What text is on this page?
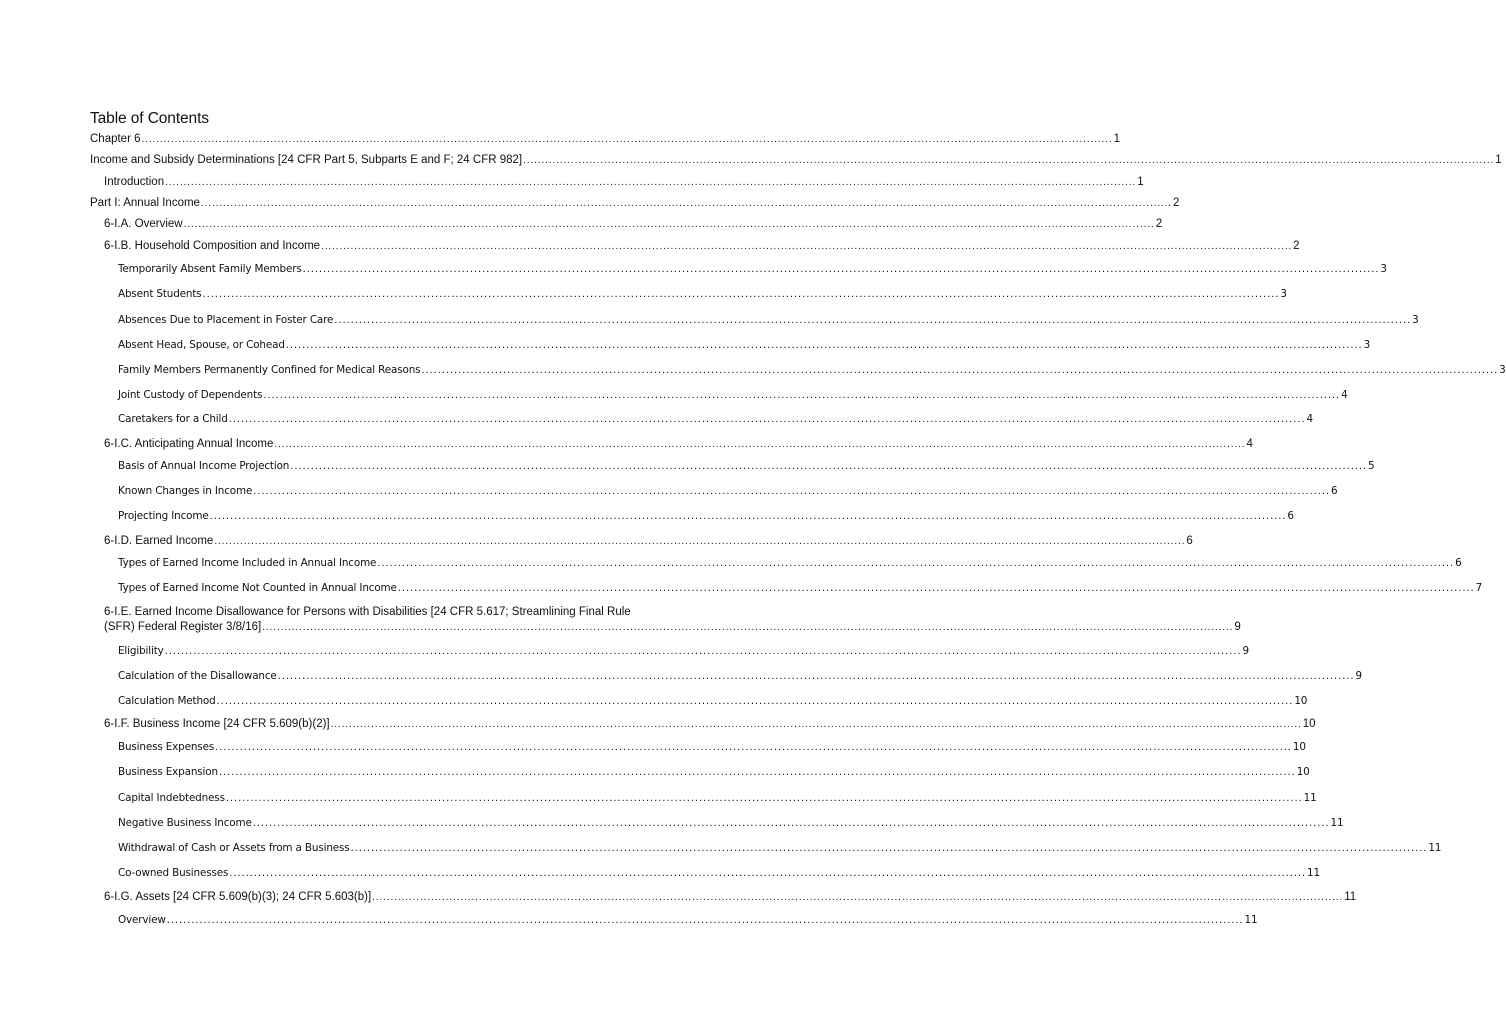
Table of Contents
Chapter 6 .....	1
Income and Subsidy Determinations [24 CFR Part 5, Subparts E and F; 24 CFR 982] .....	1
Introduction .....	1
Part I: Annual Income .....	2
6-I.A. Overview .....	2
6-I.B. Household Composition and Income .....	2
Temporarily Absent Family Members .....	3
Absent Students .....	3
Absences Due to Placement in Foster Care .....	3
Absent Head, Spouse, or Cohead .....	3
Family Members Permanently Confined for Medical Reasons .....	3
Joint Custody of Dependents .....	4
Caretakers for a Child .....	4
6-I.C. Anticipating Annual Income .....	4
Basis of Annual Income Projection .....	5
Known Changes in Income .....	6
Projecting Income .....	6
6-I.D. Earned Income .....	6
Types of Earned Income Included in Annual Income .....	6
Types of Earned Income Not Counted in Annual Income .....	7
6-I.E. Earned Income Disallowance for Persons with Disabilities [24 CFR 5.617; Streamlining Final Rule
(SFR) Federal Register 3/8/16] .....	9
Eligibility .....	9
Calculation of the Disallowance .....	9
Calculation Method .....	10
6-I.F. Business Income [24 CFR 5.609(b)(2)] .....	10
Business Expenses .....	10
Business Expansion .....	10
Capital Indebtedness .....	11
Negative Business Income .....	11
Withdrawal of Cash or Assets from a Business .....	11
Co-owned Businesses .....	11
6-I.G. Assets [24 CFR 5.609(b)(3); 24 CFR 5.603(b)] .....	11
Overview .....	11
